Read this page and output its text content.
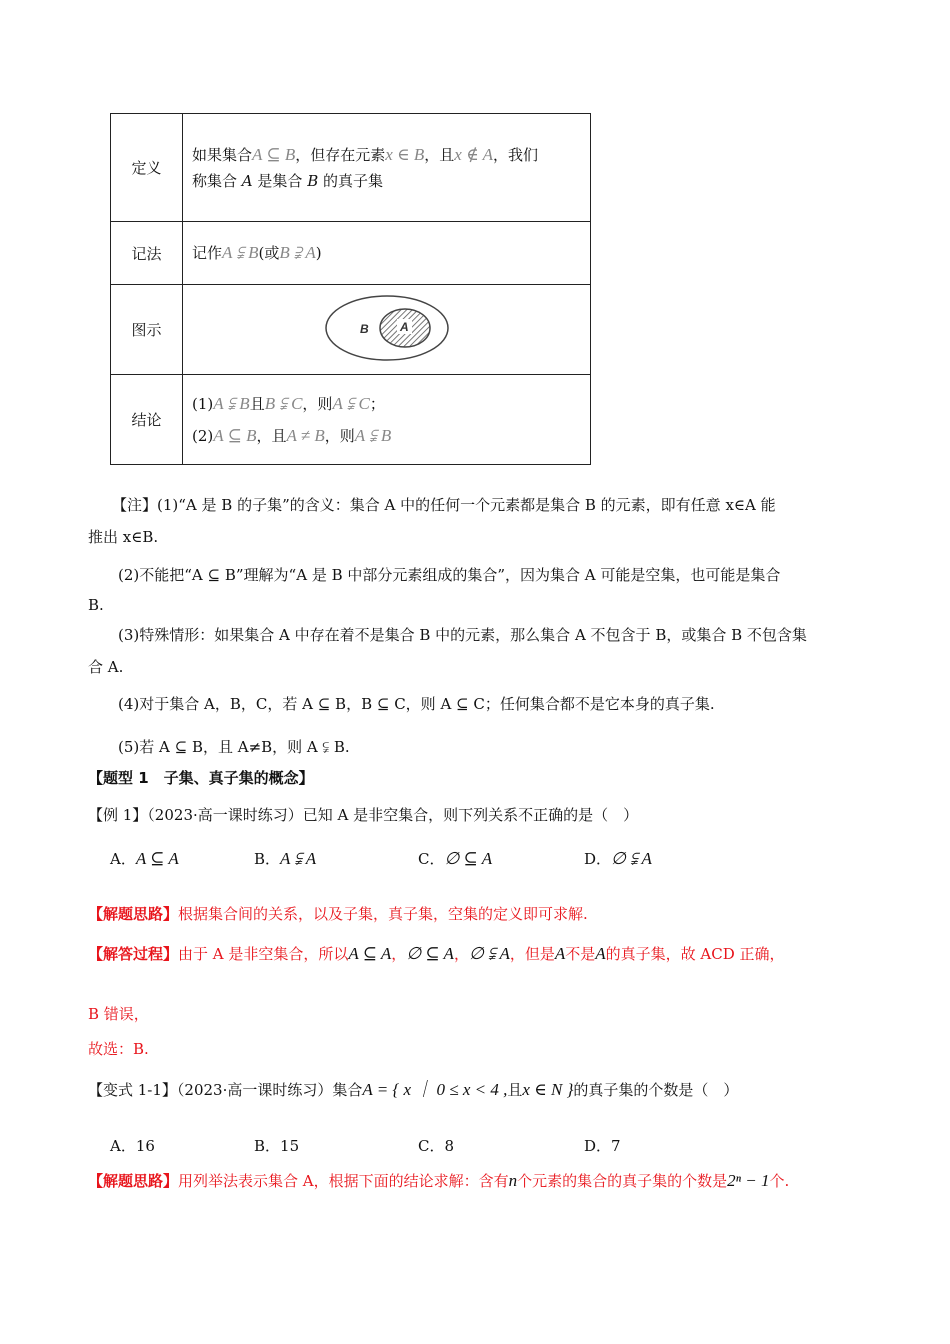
定义	如果集合A ⊆ B，但存在元素x ∈ B，且x ∉ A，我们
称集合 A 是集合 B 的真子集
记法	记作A ⫋ B(或B ⫌ A)
图示	B A

结论	(1)A ⫋ B且B ⫋ C，则A ⫋ C；
(2)A ⊆ B，且A ≠ B，则A ⫋ B
【注】(1)“A 是 B 的子集”的含义：集合 A 中的任何一个元素都是集合 B 的元素，即有任意 x∈A 能
推出 x∈B.
(2)不能把“A ⊆ B”理解为“A 是 B 中部分元素组成的集合”，因为集合 A 可能是空集，也可能是集合
B.
(3)特殊情形：如果集合 A 中存在着不是集合 B 中的元素，那么集合 A 不包含于 B，或集合 B 不包含集
合 A.
(4)对于集合 A，B，C，若 A ⊆ B，B ⊆ C，则 A ⊆ C；任何集合都不是它本身的真子集.
(5)若 A ⊆ B，且 A≠B，则 A ⫋ B.
【题型 1　子集、真子集的概念】
【例 1】（2023·高一课时练习）已知 A 是非空集合，则下列关系不正确的是（　）
A．A ⊆ A	B．A ⫋ A	C．∅ ⊆ A	D．∅ ⫋ A
【解题思路】根据集合间的关系，以及子集，真子集，空集的定义即可求解.
【解答过程】由于 A 是非空集合，所以A ⊆ A，∅ ⊆ A，∅ ⫋ A，但是A不是A的真子集，故 ACD 正确，
B 错误，
故选：B.
【变式 1-1】（2023·高一课时练习）集合A = { x ｜ 0 ≤ x < 4 ,且x ∈ N }的真子集的个数是（　）
A．16	B．15	C．8	D．7
【解题思路】用列举法表示集合 A，根据下面的结论求解：含有n个元素的集合的真子集的个数是2ⁿ − 1个.
